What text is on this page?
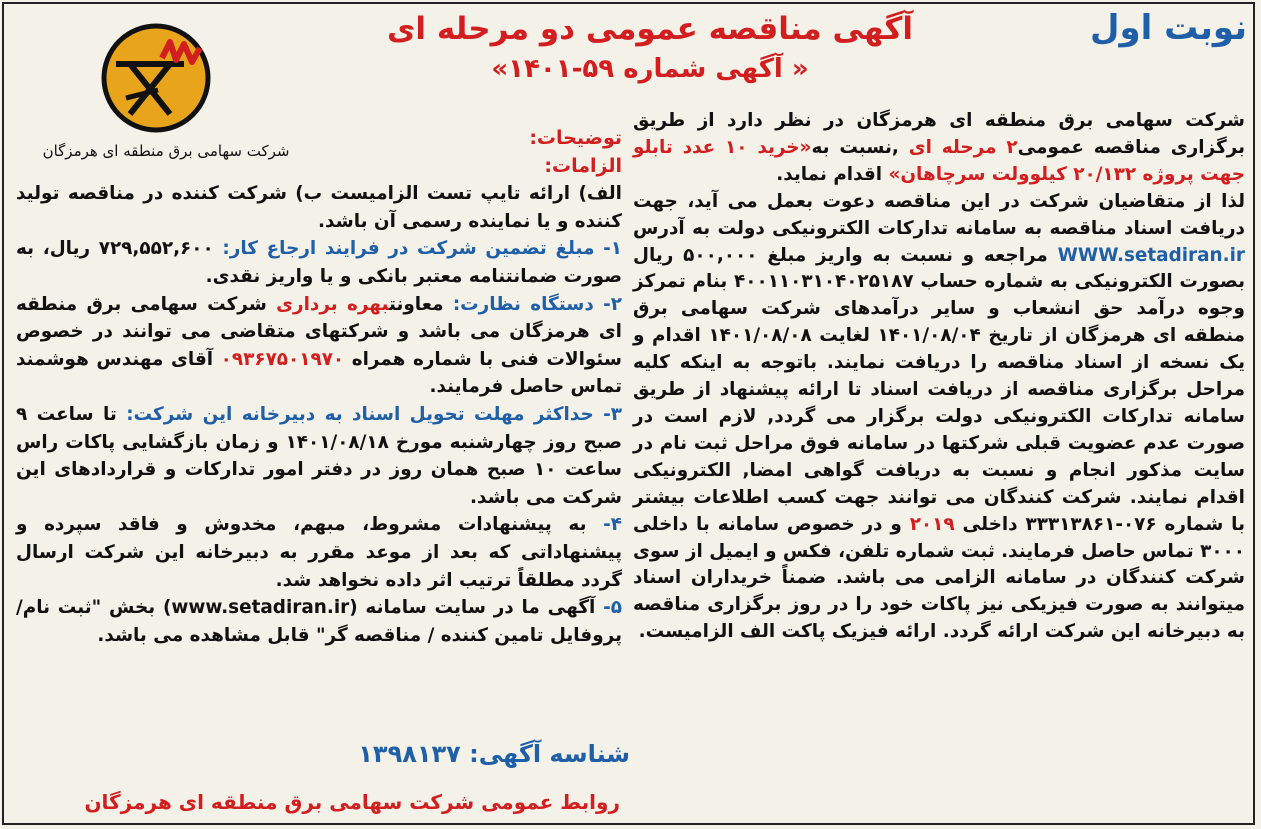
نوبت اول
آگهی مناقصه عمومی دو مرحله ای
« آگهی شماره ۵۹-۱۴۰۱»
شرکت سهامی برق منطقه ای هرمزگان

شرکت سهامی برق منطقه ای هرمزگان در نظر دارد از طریق برگزاری مناقصه عمومی۲ مرحله ای ,نسبت به«خرید ۱۰ عدد تابلو جهت پروژه ۲۰/۱۳۲ کیلوولت سرچاهان» اقدام نماید.

لذا از متقاضیان شرکت در این مناقصه دعوت بعمل می آید، جهت دریافت اسناد مناقصه به سامانه تدارکات الکترونیکی دولت به آدرس WWW.setadiran.ir مراجعه و نسبت به واریز مبلغ ۵۰۰,۰۰۰ ریال بصورت الکترونیکی به شماره حساب ۴۰۰۱۱۰۳۱۰۴۰۲۵۱۸۷ بنام تمرکز وجوه درآمد حق انشعاب و سایر درآمدهای شرکت سهامی برق منطقه ای هرمزگان از تاریخ ۱۴۰۱/۰۸/۰۴ لغایت ۱۴۰۱/۰۸/۰۸ اقدام و یک نسخه از اسناد مناقصه را دریافت نمایند. باتوجه به اینکه کلیه مراحل برگزاری مناقصه از دریافت اسناد تا ارائه پیشنهاد از طریق سامانه تدارکات الکترونیکی دولت برگزار می گردد, لازم است در صورت عدم عضویت قبلی شرکتها در سامانه فوق مراحل ثبت نام در سایت مذکور انجام و نسبت به دریافت گواهی امضا, الکترونیکی اقدام نمایند. شرکت کنندگان می توانند جهت کسب اطلاعات بیشتر با شماره ۰۷۶-۳۳۳۱۳۸۶۱ داخلی ۲۰۱۹ و در خصوص سامانه با داخلی ۳۰۰۰ تماس حاصل فرمایند. ثبت شماره تلفن، فکس و ایمیل از سوی شرکت کنندگان در سامانه الزامی می باشد. ضمناً خریداران اسناد میتوانند به صورت فیزیکی نیز پاکات خود را در روز برگزاری مناقصه به دبیرخانه این شرکت ارائه گردد. ارائه فیزیک پاکت الف الزامیست.

توضیحات:

الزامات:

الف) ارائه تایپ تست الزامیست ب) شرکت کننده در مناقصه تولید کننده و یا نماینده رسمی آن باشد.

۱- مبلغ تضمین شرکت در فرایند ارجاع کار: ۷۲۹,۵۵۲,۶۰۰ ریال، به صورت ضمانتنامه معتبر بانکی و یا واریز نقدی.

۲- دستگاه نظارت: معاونتبهره برداری شرکت سهامی برق منطقه ای هرمزگان می باشد و شرکتهای متقاضی می توانند در خصوص سئوالات فنی با شماره همراه ۰۹۳۶۷۵۰۱۹۷۰ آقای مهندس هوشمند تماس حاصل فرمایند.

۳- حداکثر مهلت تحویل اسناد به دبیرخانه این شرکت: تا ساعت ۹ صبح روز چهارشنبه مورخ ۱۴۰۱/۰۸/۱۸ و زمان بازگشایی پاکات راس ساعت ۱۰ صبح همان روز در دفتر امور تدارکات و قراردادهای این شرکت می باشد.

۴- به پیشنهادات مشروط، مبهم، مخدوش و فاقد سپرده و پیشنهاداتی که بعد از موعد مقرر به دبیرخانه این شرکت ارسال گردد مطلقاً ترتیب اثر داده نخواهد شد.

۵- آگهی ما در سایت سامانه (www.setadiran.ir) بخش "ثبت نام/ پروفایل تامین کننده / مناقصه گر" قابل مشاهده می باشد.

شناسه آگهی: ۱۳۹۸۱۳۷
روابط عمومی شرکت سهامی برق منطقه ای هرمزگان
